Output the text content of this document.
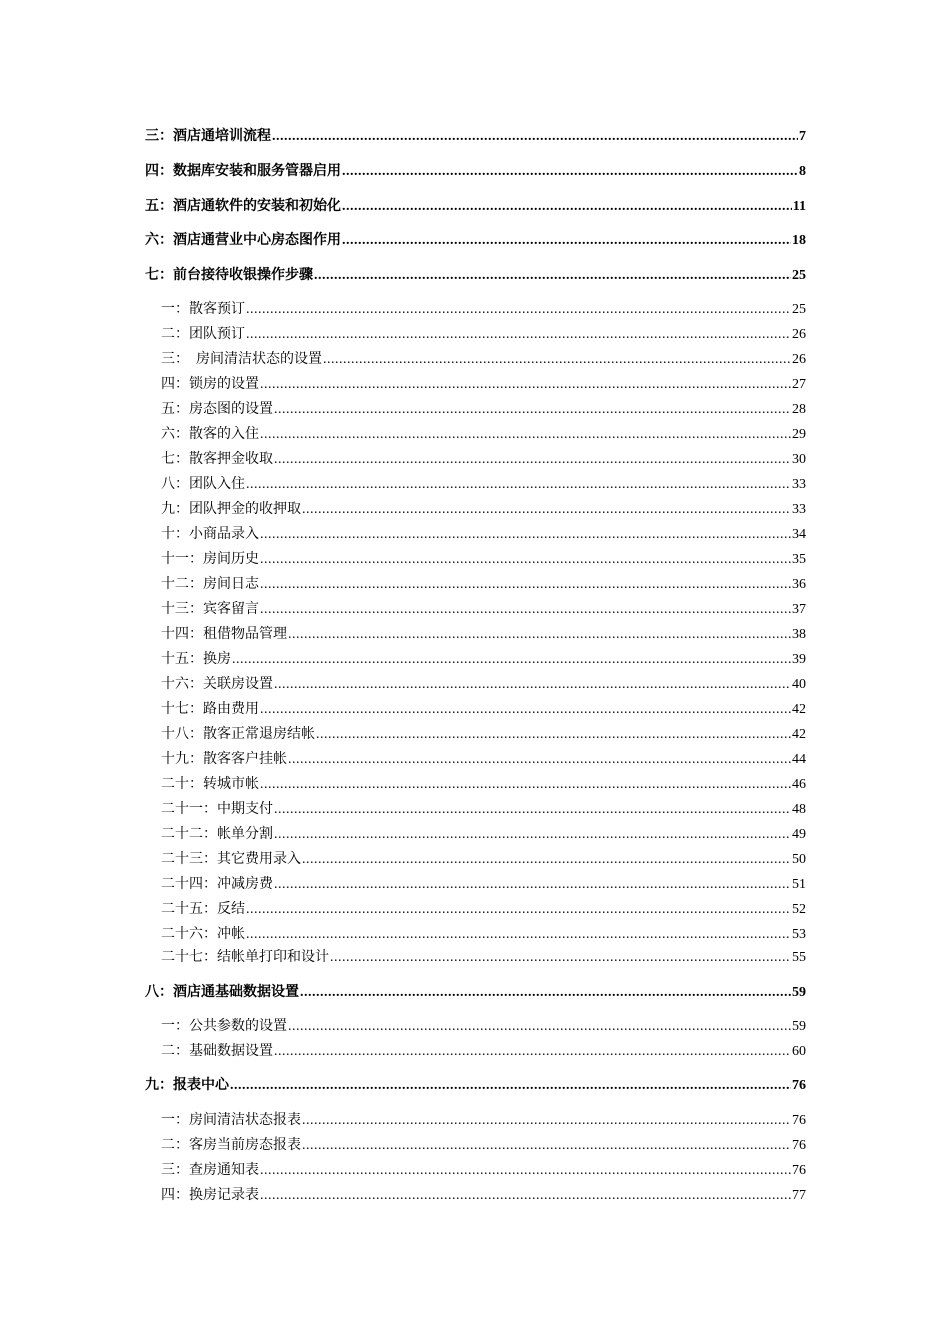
三：酒店通培训流程 .....	7
四：数据库安装和服务管器启用 .....	8
五：酒店通软件的安装和初始化 .....	11
六：酒店通营业中心房态图作用 .....	18
七：前台接待收银操作步骤 .....	25
一：散客预订 .....	25
二：团队预订 .....	26
三：　房间清洁状态的设置 .....	26
四：锁房的设置 .....	27
五：房态图的设置 .....	28
六：散客的入住 .....	29
七：散客押金收取 .....	30
八：团队入住 .....	33
九：团队押金的收押取 .....	33
十：小商品录入 .....	34
十一：房间历史 .....	35
十二：房间日志 .....	36
十三：宾客留言 .....	37
十四：租借物品管理 .....	38
十五：换房 .....	39
十六：关联房设置 .....	40
十七：路由费用 .....	42
十八：散客正常退房结帐 .....	42
十九：散客客户挂帐 .....	44
二十：转城市帐 .....	46
二十一：中期支付 .....	48
二十二：帐单分割 .....	49
二十三：其它费用录入 .....	50
二十四：冲减房费 .....	51
二十五：反结 .....	52
二十六：冲帐 .....	53
二十七：结帐单打印和设计 .....	55
八：酒店通基础数据设置 .....	59
一：公共参数的设置 .....	59
二：基础数据设置 .....	60
九：报表中心 .....	76
一：房间清洁状态报表 .....	76
二：客房当前房态报表 .....	76
三：查房通知表 .....	76
四：换房记录表 .....	77
